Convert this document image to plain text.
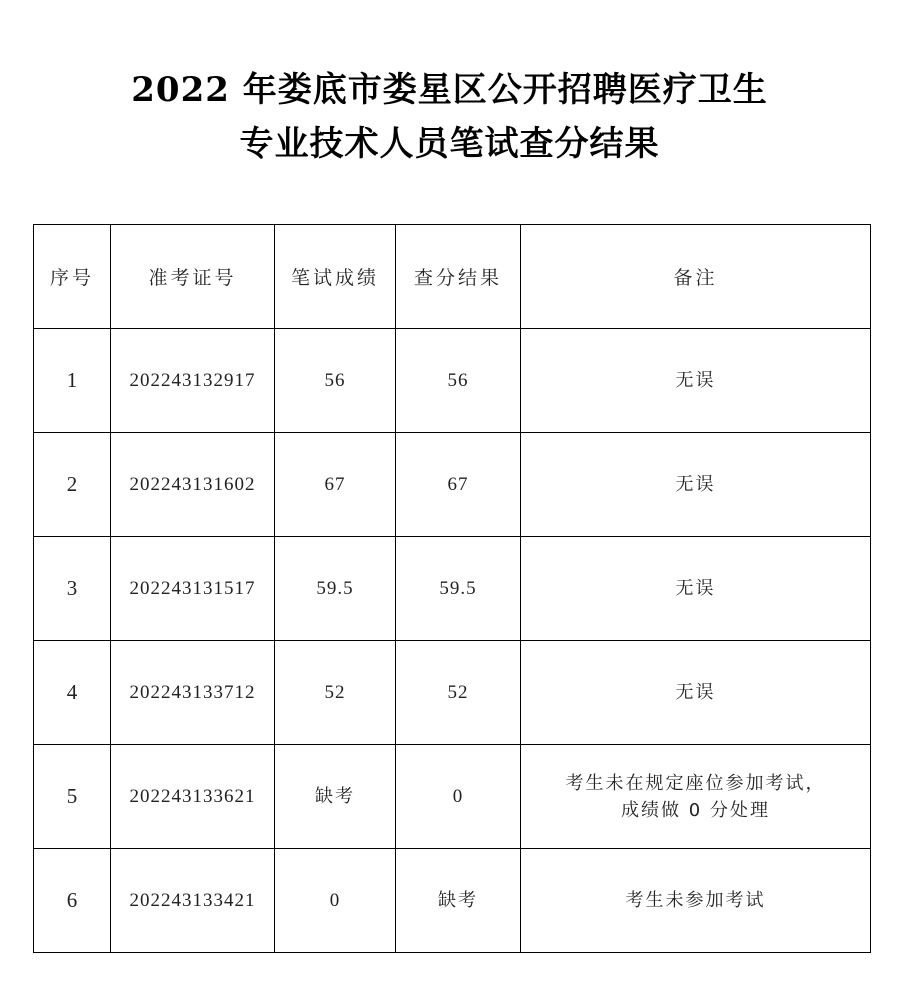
2022 年娄底市娄星区公开招聘医疗卫生
专业技术人员笔试查分结果
序号	准考证号	笔试成绩	查分结果	备注
1	202243132917	56	56	无误
2	202243131602	67	67	无误
3	202243131517	59.5	59.5	无误
4	202243133712	52	52	无误
5	202243133621	缺考	0	考生未在规定座位参加考试，
成绩做 0 分处理

6	202243133421	0	缺考	考生未参加考试
